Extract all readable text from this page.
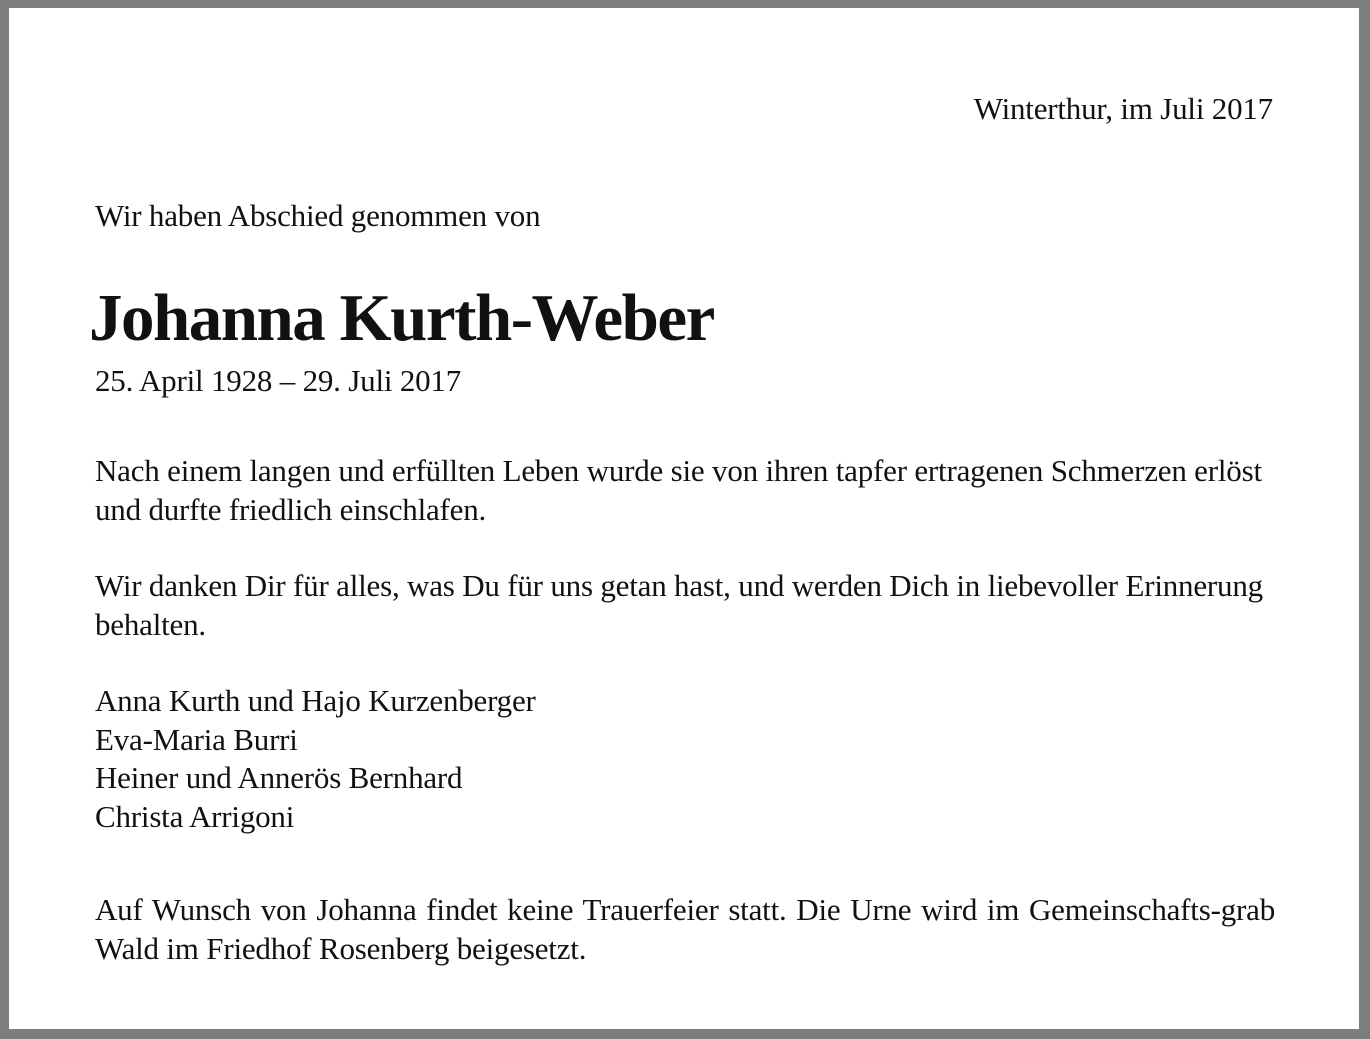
Winterthur, im Juli 2017
Wir haben Abschied genommen von
Johanna Kurth-Weber
25. April 1928 – 29. Juli 2017
Nach einem langen und erfüllten Leben wurde sie von ihren tapfer ertragenen Schmerzen erlöst und durfte friedlich einschlafen.
Wir danken Dir für alles, was Du für uns getan hast, und werden Dich in liebevoller Erinnerung behalten.
Anna Kurth und Hajo Kurzenberger
Eva-Maria Burri
Heiner und Annerös Bernhard
Christa Arrigoni
Auf Wunsch von Johanna findet keine Trauerfeier statt. Die Urne wird im Gemeinschafts-grab Wald im Friedhof Rosenberg beigesetzt.
